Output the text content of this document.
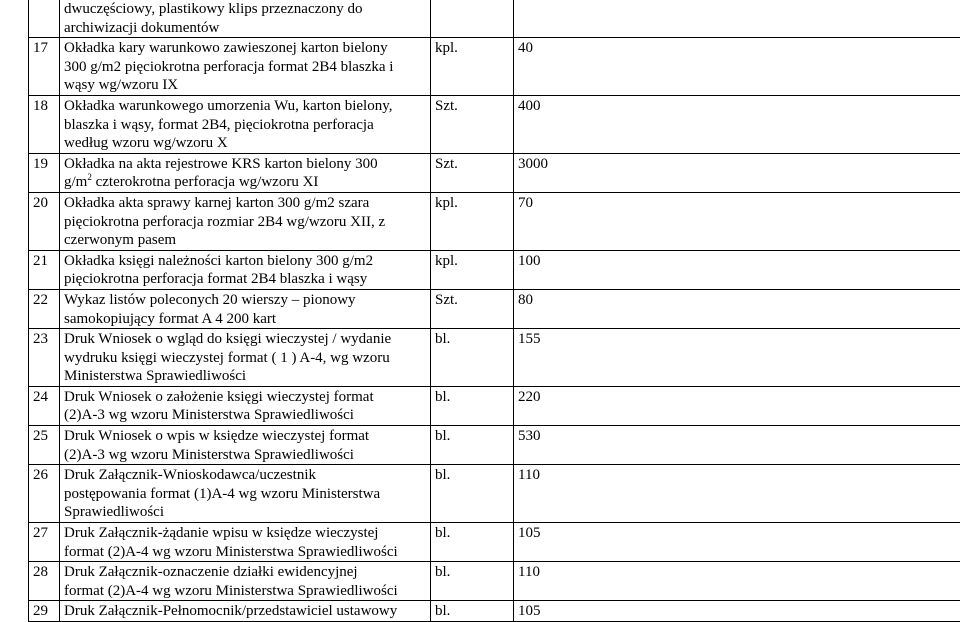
	dwuczęściowy, plastikowy klips przeznaczony do
archiwizacji dokumentów		

17	Okładka kary warunkowo zawieszonej karton bielony
300 g/m2 pięciokrotna perforacja format 2B4 blaszka i
wąsy wg/wzoru IX	kpl.	40
18	Okładka warunkowego umorzenia Wu, karton bielony,
blaszka i wąsy, format 2B4, pięciokrotna perforacja
według wzoru wg/wzoru X	Szt.	400
19	Okładka na akta rejestrowe KRS karton bielony 300
$g/m^2$ czterokrotna perforacja wg/wzoru XI	Szt.	3000
20	Okładka akta sprawy karnej karton 300 g/m2 szara
pięciokrotna perforacja rozmiar 2B4 wg/wzoru XII, z
czerwonym pasem	kpl.	70
21	Okładka księgi należności karton bielony 300 g/m2
pięciokrotna perforacja format 2B4 blaszka i wąsy	kpl.	100
22	Wykaz listów poleconych 20 wierszy – pionowy
samokopiujący format A 4 200 kart	Szt.	80
23	Druk Wniosek o wgląd do księgi wieczystej / wydanie
wydruku księgi wieczystej format ( 1 ) A-4, wg wzoru
Ministerstwa Sprawiedliwości	bl.	155
24	Druk Wniosek o założenie księgi wieczystej format
(2)A-3 wg wzoru Ministerstwa Sprawiedliwości	bl.	220
25	Druk Wniosek o wpis w księdze wieczystej format
(2)A-3 wg wzoru Ministerstwa Sprawiedliwości	bl.	530
26	Druk Załącznik-Wnioskodawca/uczestnik
postępowania format (1)A-4 wg wzoru Ministerstwa
Sprawiedliwości	bl.	110
27	Druk Załącznik-żądanie wpisu w księdze wieczystej
format (2)A-4 wg wzoru Ministerstwa Sprawiedliwości	bl.	105
28	Druk Załącznik-oznaczenie działki ewidencyjnej
format (2)A-4 wg wzoru Ministerstwa Sprawiedliwości	bl.	110
29	Druk Załącznik-Pełnomocnik/przedstawiciel ustawowy	bl.	105
